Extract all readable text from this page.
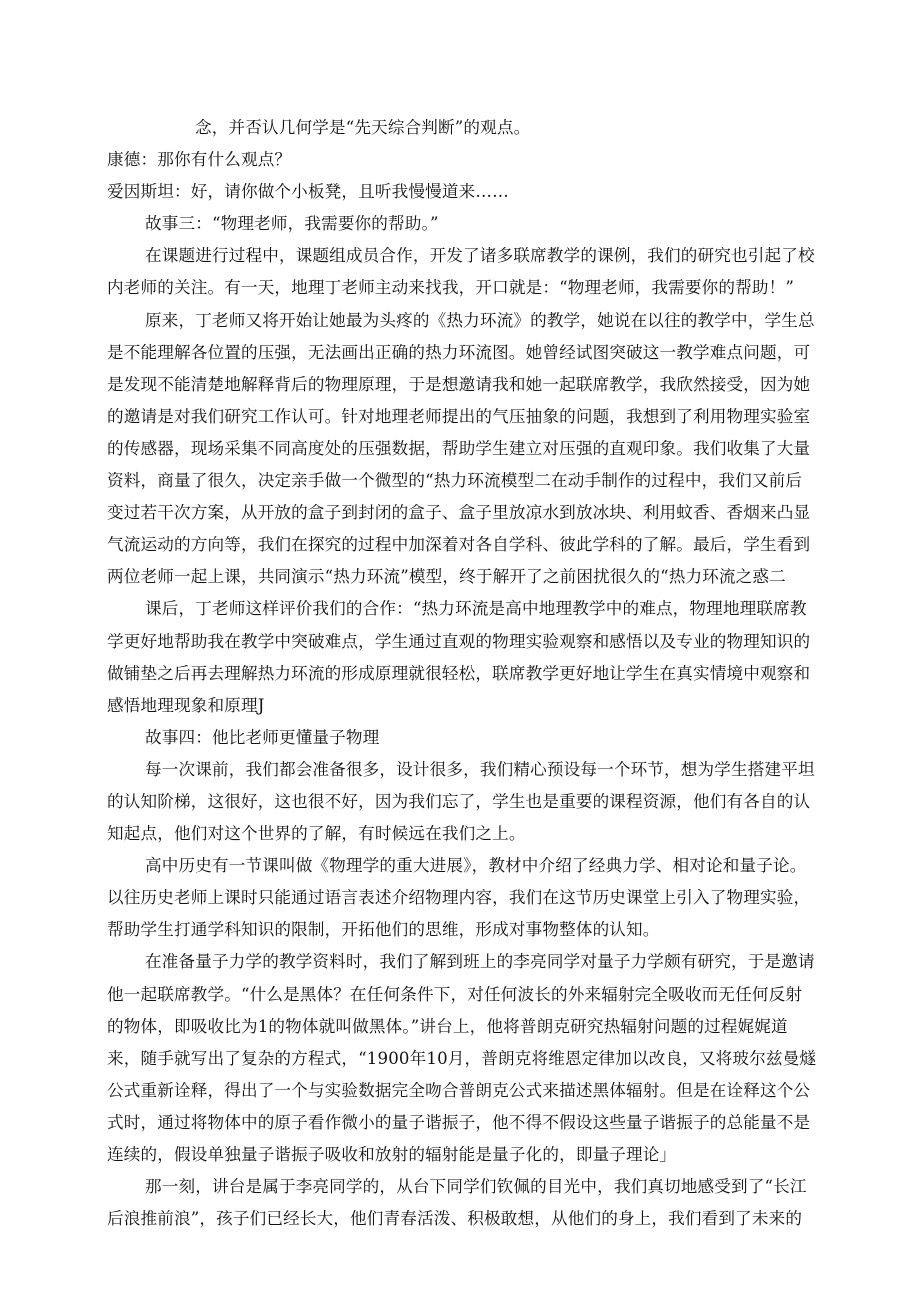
念，并否认几何学是“先天综合判断”的观点。
康德：那你有什么观点？
爱因斯坦：好，请你做个小板凳，且听我慢慢道来……
故事三：“物理老师，我需要你的帮助。”
在课题进行过程中，课题组成员合作，开发了诸多联席教学的课例，我们的研究也引起了校
内老师的关注。有一天，地理丁老师主动来找我，开口就是：“物理老师，我需要你的帮助！”
原来，丁老师又将开始让她最为头疼的《热力环流》的教学，她说在以往的教学中，学生总
是不能理解各位置的压强，无法画出正确的热力环流图。她曾经试图突破这一教学难点问题，可
是发现不能清楚地解释背后的物理原理，于是想邀请我和她一起联席教学，我欣然接受，因为她
的邀请是对我们研究工作认可。针对地理老师提出的气压抽象的问题，我想到了利用物理实验室
的传感器，现场采集不同高度处的压强数据，帮助学生建立对压强的直观印象。我们收集了大量
资料，商量了很久，决定亲手做一个微型的“热力环流模型二在动手制作的过程中，我们又前后
变过若干次方案，从开放的盒子到封闭的盒子、盒子里放凉水到放冰块、利用蚊香、香烟来凸显
气流运动的方向等，我们在探究的过程中加深着对各自学科、彼此学科的了解。最后，学生看到
两位老师一起上课，共同演示“热力环流”模型，终于解开了之前困扰很久的“热力环流之惑二
课后，丁老师这样评价我们的合作：“热力环流是高中地理教学中的难点，物理地理联席教
学更好地帮助我在教学中突破难点，学生通过直观的物理实验观察和感悟以及专业的物理知识的
做铺垫之后再去理解热力环流的形成原理就很轻松，联席教学更好地让学生在真实情境中观察和
感悟地理现象和原理J
故事四：他比老师更懂量子物理
每一次课前，我们都会准备很多，设计很多，我们精心预设每一个环节，想为学生搭建平坦
的认知阶梯，这很好，这也很不好，因为我们忘了，学生也是重要的课程资源，他们有各自的认
知起点，他们对这个世界的了解，有时候远在我们之上。
高中历史有一节课叫做《物理学的重大进展》，教材中介绍了经典力学、相对论和量子论。
以往历史老师上课时只能通过语言表述介绍物理内容，我们在这节历史课堂上引入了物理实验，
帮助学生打通学科知识的限制，开拓他们的思维，形成对事物整体的认知。
在准备量子力学的教学资料时，我们了解到班上的李亮同学对量子力学颇有研究，于是邀请
他一起联席教学。“什么是黑体？在任何条件下，对任何波长的外来辐射完全吸收而无任何反射
的物体，即吸收比为1的物体就叫做黑体。”讲台上，他将普朗克研究热辐射问题的过程娓娓道
来，随手就写出了复杂的方程式，“1900年10月，普朗克将维恩定律加以改良，又将玻尔兹曼燧
公式重新诠释，得出了一个与实验数据完全吻合普朗克公式来描述黑体辐射。但是在诠释这个公
式时，通过将物体中的原子看作微小的量子谐振子，他不得不假设这些量子谐振子的总能量不是
连续的，假设单独量子谐振子吸收和放射的辐射能是量子化的，即量子理论」
那一刻，讲台是属于李亮同学的，从台下同学们钦佩的目光中，我们真切地感受到了“长江
后浪推前浪”，孩子们已经长大，他们青春活泼、积极敢想，从他们的身上，我们看到了未来的
